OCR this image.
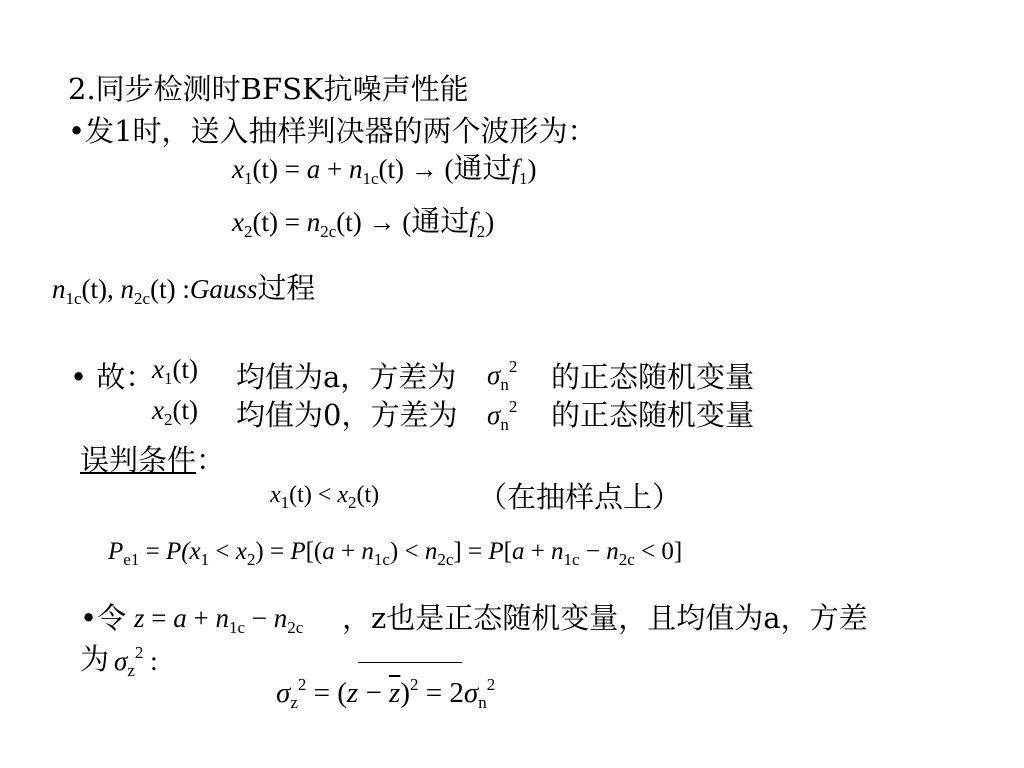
2.同步检测时BFSK抗噪声性能
•发1时，送入抽样判决器的两个波形为：
$x_1(t) = a + n_{1c}(t)$ → (通过$f_1$)
$x_2(t) = n_{2c}(t)$ → (通过$f_2$)
$n_{1c}(t)$, $n_{2c}(t)$ :Gauss过程
• 故：
$x_1(t)$ 均值为a，方差为 $\sigma_n^2$ 的正态随机变量
$x_2(t)$ 均值为0，方差为 $\sigma_n^2$ 的正态随机变量
误判条件：
$x_1(t) < x_2(t)$	（在抽样点上）
$P_{e1} = P(x_1 < x_2) = P[(a + n_{1c}) < n_{2c}] = P[a + n_{1c} - n_{2c} < 0]$
•令 $z = a + n_{1c} - n_{2c}$ ，z也是正态随机变量，且均值为a，方差
为 $\sigma_z^2$ :
$\sigma_z^2 = (z - \overline{z})^2 = 2\sigma_n^2$
